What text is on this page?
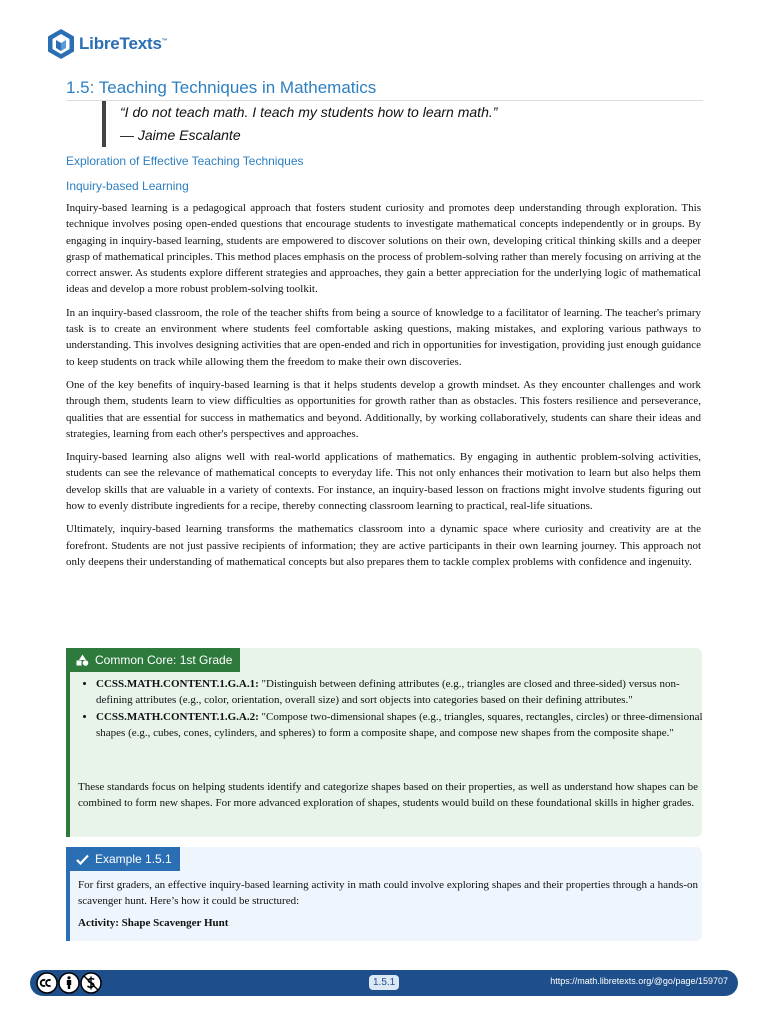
LibreTexts™
1.5: Teaching Techniques in Mathematics
“I do not teach math. I teach my students how to learn math.”
— Jaime Escalante
Exploration of Effective Teaching Techniques
Inquiry-based Learning

Inquiry-based learning is a pedagogical approach that fosters student curiosity and promotes deep understanding through exploration. This technique involves posing open-ended questions that encourage students to investigate mathematical concepts independently or in groups. By engaging in inquiry-based learning, students are empowered to discover solutions on their own, developing critical thinking skills and a deeper grasp of mathematical principles. This method places emphasis on the process of problem-solving rather than merely focusing on arriving at the correct answer. As students explore different strategies and approaches, they gain a better appreciation for the underlying logic of mathematical ideas and develop a more robust problem-solving toolkit.

In an inquiry-based classroom, the role of the teacher shifts from being a source of knowledge to a facilitator of learning. The teacher's primary task is to create an environment where students feel comfortable asking questions, making mistakes, and exploring various pathways to understanding. This involves designing activities that are open-ended and rich in opportunities for investigation, providing just enough guidance to keep students on track while allowing them the freedom to make their own discoveries.

One of the key benefits of inquiry-based learning is that it helps students develop a growth mindset. As they encounter challenges and work through them, students learn to view difficulties as opportunities for growth rather than as obstacles. This fosters resilience and perseverance, qualities that are essential for success in mathematics and beyond. Additionally, by working collaboratively, students can share their ideas and strategies, learning from each other's perspectives and approaches.

Inquiry-based learning also aligns well with real-world applications of mathematics. By engaging in authentic problem-solving activities, students can see the relevance of mathematical concepts to everyday life. This not only enhances their motivation to learn but also helps them develop skills that are valuable in a variety of contexts. For instance, an inquiry-based lesson on fractions might involve students figuring out how to evenly distribute ingredients for a recipe, thereby connecting classroom learning to practical, real-life situations.

Ultimately, inquiry-based learning transforms the mathematics classroom into a dynamic space where curiosity and creativity are at the forefront. Students are not just passive recipients of information; they are active participants in their own learning journey. This approach not only deepens their understanding of mathematical concepts but also prepares them to tackle complex problems with confidence and ingenuity.

Common Core: 1st Grade
• CCSS.MATH.CONTENT.1.G.A.1: "Distinguish between defining attributes (e.g., triangles are closed and three-sided) versus non-defining attributes (e.g., color, orientation, overall size) and sort objects into categories based on their defining attributes."
• CCSS.MATH.CONTENT.1.G.A.2: "Compose two-dimensional shapes (e.g., triangles, squares, rectangles, circles) or three-dimensional shapes (e.g., cubes, cones, cylinders, and spheres) to form a composite shape, and compose new shapes from the composite shape."

These standards focus on helping students identify and categorize shapes based on their properties, as well as understand how shapes can be combined to form new shapes. For more advanced exploration of shapes, students would build on these foundational skills in higher grades.

Example 1.5.1

For first graders, an effective inquiry-based learning activity in math could involve exploring shapes and their properties through a hands-on scavenger hunt. Here’s how it could be structured:

Activity: Shape Scavenger Hunt

1.5.1	https://math.libretexts.org/@go/page/159707
